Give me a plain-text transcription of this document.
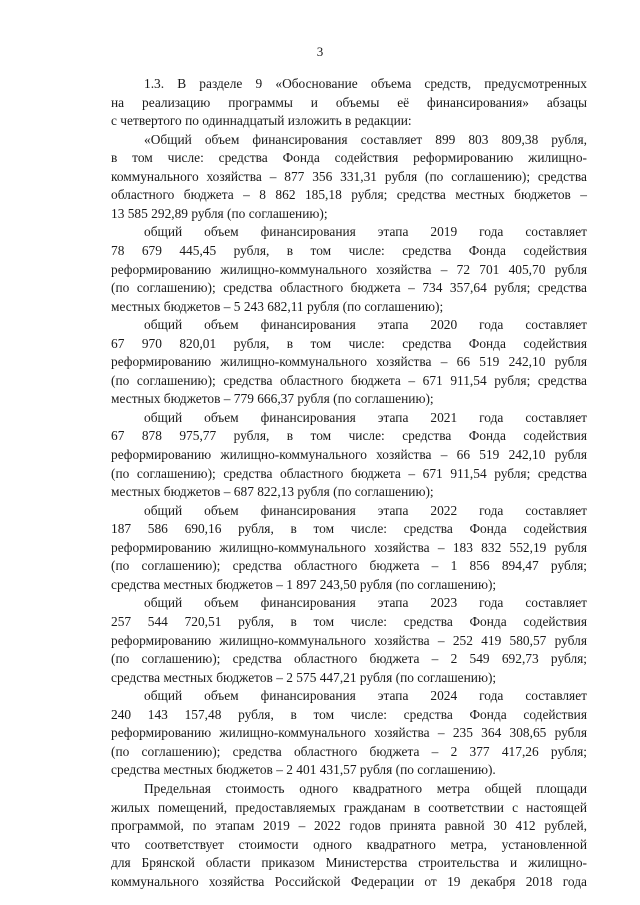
3
1.3. В разделе 9 «Обоснование объема средств, предусмотренных
на реализацию программы и объемы её финансирования» абзацы
с четвертого по одиннадцатый изложить в редакции:
«Общий объем финансирования составляет 899 803 809,38 рубля,
в том числе: средства Фонда содействия реформированию жилищно-
коммунального хозяйства – 877 356 331,31 рубля (по соглашению); средства
областного бюджета – 8 862 185,18 рубля; средства местных бюджетов –
13 585 292,89 рубля (по соглашению);
общий объем финансирования этапа 2019 года составляет
78 679 445,45 рубля, в том числе: средства Фонда содействия
реформированию жилищно-коммунального хозяйства – 72 701 405,70 рубля
(по соглашению); средства областного бюджета – 734 357,64 рубля; средства
местных бюджетов – 5 243 682,11 рубля (по соглашению);
общий объем финансирования этапа 2020 года составляет
67 970 820,01 рубля, в том числе: средства Фонда содействия
реформированию жилищно-коммунального хозяйства – 66 519 242,10 рубля
(по соглашению); средства областного бюджета – 671 911,54 рубля; средства
местных бюджетов – 779 666,37 рубля (по соглашению);
общий объем финансирования этапа 2021 года составляет
67 878 975,77 рубля, в том числе: средства Фонда содействия
реформированию жилищно-коммунального хозяйства – 66 519 242,10 рубля
(по соглашению); средства областного бюджета – 671 911,54 рубля; средства
местных бюджетов – 687 822,13 рубля (по соглашению);
общий объем финансирования этапа 2022 года составляет
187 586 690,16 рубля, в том числе: средства Фонда содействия
реформированию жилищно-коммунального хозяйства – 183 832 552,19 рубля
(по соглашению); средства областного бюджета – 1 856 894,47 рубля;
средства местных бюджетов – 1 897 243,50 рубля (по соглашению);
общий объем финансирования этапа 2023 года составляет
257 544 720,51 рубля, в том числе: средства Фонда содействия
реформированию жилищно-коммунального хозяйства – 252 419 580,57 рубля
(по соглашению); средства областного бюджета – 2 549 692,73 рубля;
средства местных бюджетов – 2 575 447,21 рубля (по соглашению);
общий объем финансирования этапа 2024 года составляет
240 143 157,48 рубля, в том числе: средства Фонда содействия
реформированию жилищно-коммунального хозяйства – 235 364 308,65 рубля
(по соглашению); средства областного бюджета – 2 377 417,26 рубля;
средства местных бюджетов – 2 401 431,57 рубля (по соглашению).
Предельная стоимость одного квадратного метра общей площади
жилых помещений, предоставляемых гражданам в соответствии с настоящей
программой, по этапам 2019 – 2022 годов принята равной 30 412 рублей,
что соответствует стоимости одного квадратного метра, установленной
для Брянской области приказом Министерства строительства и жилищно-
коммунального хозяйства Российской Федерации от 19 декабря 2018 года
